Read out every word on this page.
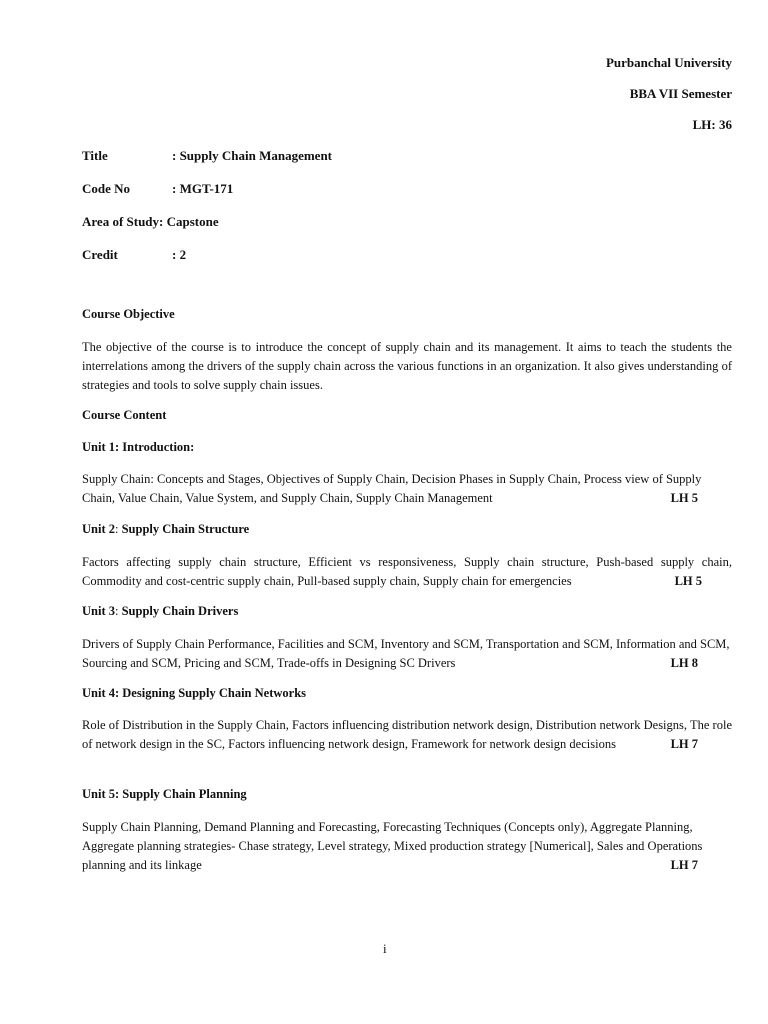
Purbanchal University
BBA VII Semester
LH: 36
Title	: Supply Chain Management
Code No	: MGT-171
Area of Study: Capstone
Credit	: 2
Course Objective
The objective of the course is to introduce the concept of supply chain and its management. It aims to teach the students the interrelations among the drivers of the supply chain across the various functions in an organization. It also gives understanding of strategies and tools to solve supply chain issues.
Course Content
Unit 1: Introduction:
Supply Chain: Concepts and Stages, Objectives of Supply Chain, Decision Phases in Supply Chain, Process view of Supply Chain, Value Chain, Value System, and Supply Chain, Supply Chain Management	LH 5
Unit 2: Supply Chain Structure
Factors affecting supply chain structure, Efficient vs responsiveness, Supply chain structure, Push-based supply chain, Commodity and cost-centric supply chain, Pull-based supply chain, Supply chain for emergencies	LH 5
Unit 3: Supply Chain Drivers
Drivers of Supply Chain Performance, Facilities and SCM, Inventory and SCM, Transportation and SCM, Information and SCM, Sourcing and SCM, Pricing and SCM, Trade-offs in Designing SC Drivers	LH 8
Unit 4: Designing Supply Chain Networks
Role of Distribution in the Supply Chain, Factors influencing distribution network design, Distribution network Designs, The role of network design in the SC, Factors influencing network design, Framework for network design decisions	LH 7
Unit 5: Supply Chain Planning
Supply Chain Planning, Demand Planning and Forecasting, Forecasting Techniques (Concepts only), Aggregate Planning, Aggregate planning strategies- Chase strategy, Level strategy, Mixed production strategy [Numerical], Sales and Operations planning and its linkage	LH 7
i
